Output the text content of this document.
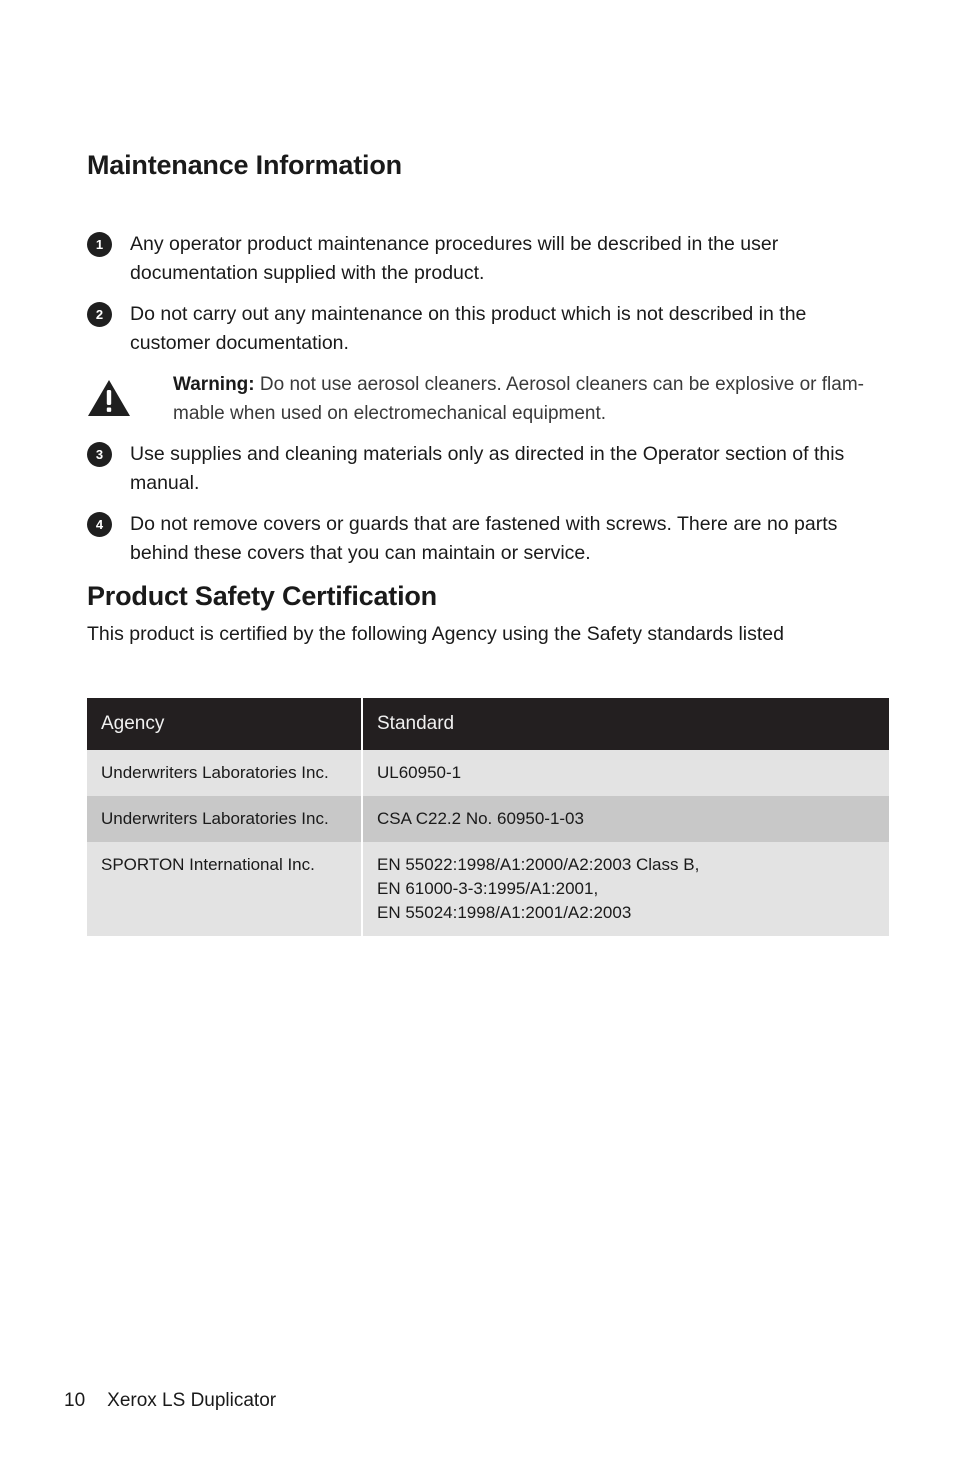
Maintenance Information
1	Any operator product maintenance procedures will be described in the user documentation supplied with the product.
2	Do not carry out any maintenance on this product which is not described in the customer documentation.
Warning: Do not use aerosol cleaners. Aerosol cleaners can be explosive or flam-mable when used on electromechanical equipment.
3	Use supplies and cleaning materials only as directed in the Operator section of this manual.
4	Do not remove covers or guards that are fastened with screws. There are no parts behind these covers that you can maintain or service.
Product Safety Certification
This product is certified by the following Agency using the Safety standards listed
Agency	Standard
Underwriters Laboratories Inc.	UL60950-1

Underwriters Laboratories Inc.	CSA C22.2 No. 60950-1-03

SPORTON International Inc.	EN 55022:1998/A1:2000/A2:2003 Class B,
EN 61000-3-3:1995/A1:2001,
EN 55024:1998/A1:2001/A2:2003
10 Xerox LS Duplicator
